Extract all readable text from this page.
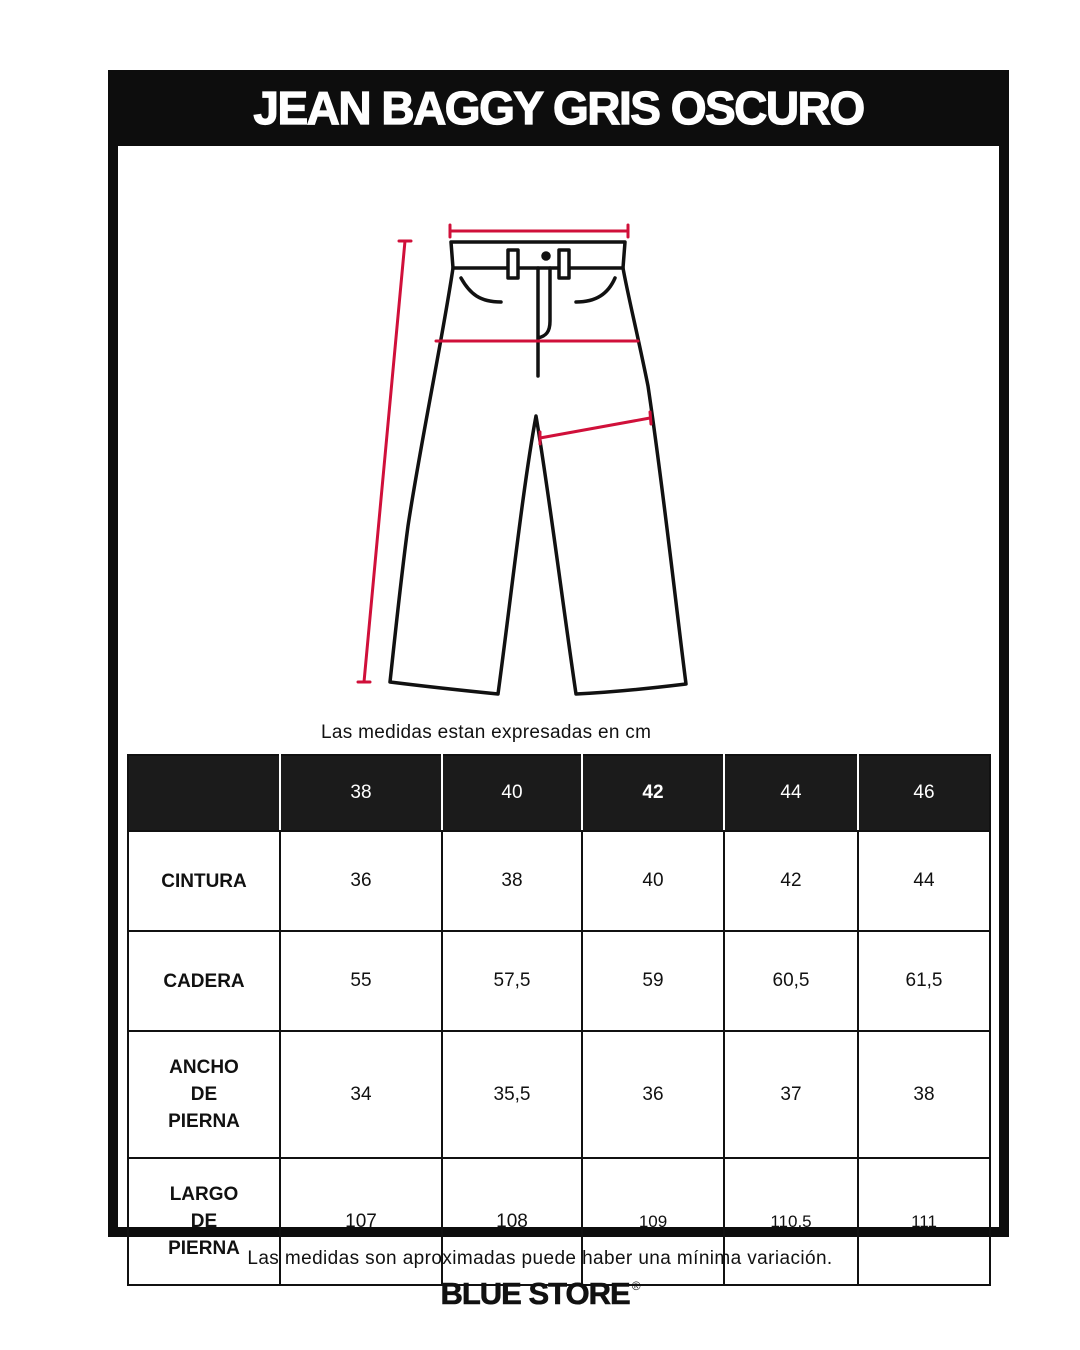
JEAN BAGGY GRIS OSCURO
Las medidas estan expresadas en cm
	38	40	42	44	46
CINTURA	36	38	40	42	44
CADERA	55	57,5	59	60,5	61,5
ANCHO
DE
PIERNA	34	35,5	36	37	38
LARGO
DE
PIERNA	107	108	109	110,5	111
Las medidas son aproximadas puede haber una mínima variación.
BLUE STORE ®
